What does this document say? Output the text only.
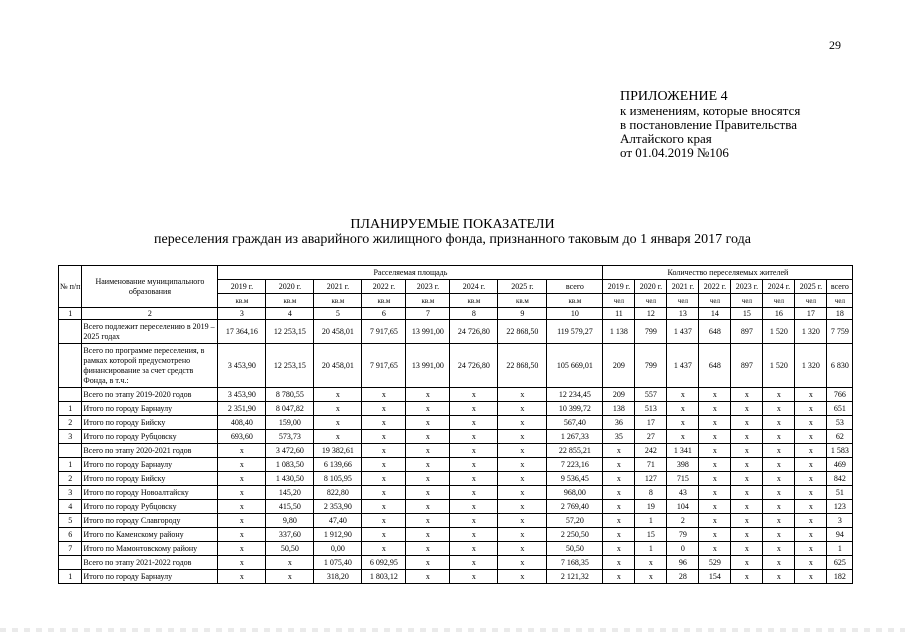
29
ПРИЛОЖЕНИЕ 4
к изменениям, которые вносятся
в постановление Правительства
Алтайского края
от 01.04.2019 №106
ПЛАНИРУЕМЫЕ ПОКАЗАТЕЛИ
переселения граждан из аварийного жилищного фонда, признанного таковым до 1 января 2017 года
№ п/п	Наименование муниципального образования	Расселяемая площадь								Количество переселяемых жителей							
		2019 г.	2020 г.	2021 г.	2022 г.	2023 г.	2024 г.	2025 г.	всего	2019 г.	2020 г.	2021 г.	2022 г.	2023 г.	2024 г.	2025 г.	всего
		кв.м	кв.м	кв.м	кв.м	кв.м	кв.м	кв.м	кв.м	чел	чел	чел	чел	чел	чел	чел	чел
1	2	3	4	5	6	7	8	9	10	11	12	13	14	15	16	17	18
	Всего подлежит переселению в 2019 – 2025 годах	17 364,16	12 253,15	20 458,01	7 917,65	13 991,00	24 726,80	22 868,50	119 579,27	1 138	799	1 437	648	897	1 520	1 320	7 759
	Всего по программе переселения, в рамках которой предусмотрено финансирование за счет средств Фонда, в т.ч.:	3 453,90	12 253,15	20 458,01	7 917,65	13 991,00	24 726,80	22 868,50	105 669,01	209	799	1 437	648	897	1 520	1 320	6 830
	Всего по этапу 2019-2020 годов	3 453,90	8 780,55	x	x	x	x	x	12 234,45	209	557	x	x	x	x	x	766
1	Итого по городу Барнаулу	2 351,90	8 047,82	x	x	x	x	x	10 399,72	138	513	x	x	x	x	x	651
2	Итого по городу Бийску	408,40	159,00	x	x	x	x	x	567,40	36	17	x	x	x	x	x	53
3	Итого по городу Рубцовску	693,60	573,73	x	x	x	x	x	1 267,33	35	27	x	x	x	x	x	62
	Всего по этапу 2020-2021 годов	x	3 472,60	19 382,61	x	x	x	x	22 855,21	x	242	1 341	x	x	x	x	1 583
1	Итого по городу Барнаулу	x	1 083,50	6 139,66	x	x	x	x	7 223,16	x	71	398	x	x	x	x	469
2	Итого по городу Бийску	x	1 430,50	8 105,95	x	x	x	x	9 536,45	x	127	715	x	x	x	x	842
3	Итого по городу Новоалтайску	x	145,20	822,80	x	x	x	x	968,00	x	8	43	x	x	x	x	51
4	Итого по городу Рубцовску	x	415,50	2 353,90	x	x	x	x	2 769,40	x	19	104	x	x	x	x	123
5	Итого по городу Славгороду	x	9,80	47,40	x	x	x	x	57,20	x	1	2	x	x	x	x	3
6	Итого по Каменскому району	x	337,60	1 912,90	x	x	x	x	2 250,50	x	15	79	x	x	x	x	94
7	Итого по Мамонтовскому району	x	50,50	0,00	x	x	x	x	50,50	x	1	0	x	x	x	x	1
	Всего по этапу 2021-2022 годов	x	x	1 075,40	6 092,95	x	x	x	7 168,35	x	x	96	529	x	x	x	625
1	Итого по городу Барнаулу	x	x	318,20	1 803,12	x	x	x	2 121,32	x	x	28	154	x	x	x	182
